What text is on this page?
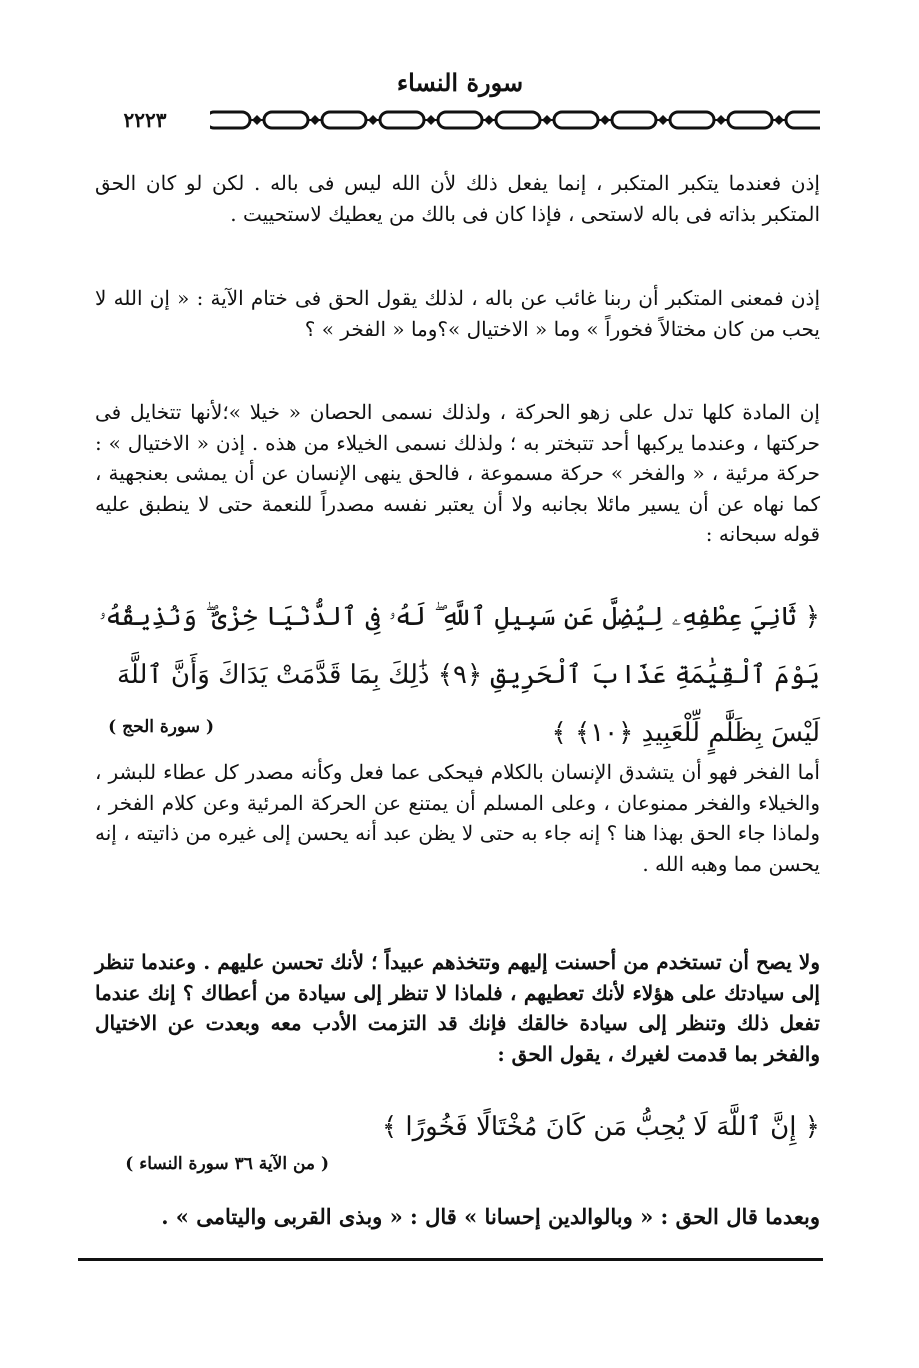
سورة النساء
٢٢٢٣
إذن فعندما يتكبر المتكبر ، إنما يفعل ذلك لأن الله ليس فى باله . لكن لو كان الحق المتكبر بذاته فى باله لاستحى ، فإذا كان فى بالك من يعطيك لاستحييت .
إذن فمعنى المتكبر أن ربنا غائب عن باله ، لذلك يقول الحق فى ختام الآية : « إن الله لا يحب من كان مختالاً فخوراً » وما « الاختيال »؟وما « الفخر » ؟
إن المادة كلها تدل على زهو الحركة ، ولذلك نسمى الحصان « خيلا »؛لأنها تتخايل فى حركتها ، وعندما يركبها أحد تتبختر به ؛ ولذلك نسمى الخيلاء من هذه . إذن « الاختيال » : حركة مرئية ، « والفخر » حركة مسموعة ، فالحق ينهى الإنسان عن أن يمشى بعنجهية ، كما نهاه عن أن يسير مائلا بجانبه ولا أن يعتبر نفسه مصدراً للنعمة حتى لا ينطبق عليه قوله سبحانه :
﴿ ثَانِيَ عِطْفِهِۦ لِيُضِلَّ عَن سَبِيلِ ٱللَّهِ ۖ لَهُۥ فِى ٱلدُّنْيَا خِزْىٌ ۖ وَنُذِيقُهُۥ يَوْمَ ٱلْقِيَٰمَةِ عَذَابَ ٱلْحَرِيقِ ﴿٩﴾ ذَٰلِكَ بِمَا قَدَّمَتْ يَدَاكَ وَأَنَّ ٱللَّهَ لَيْسَ بِظَلَّٰمٍ لِّلْعَبِيدِ ﴿١٠﴾ ﴾
( سورة الحج )
أما الفخر فهو أن يتشدق الإنسان بالكلام فيحكى عما فعل وكأنه مصدر كل عطاء للبشر ، والخيلاء والفخر ممنوعان ، وعلى المسلم أن يمتنع عن الحركة المرئية وعن كلام الفخر ، ولماذا جاء الحق بهذا هنا ؟ إنه جاء به حتى لا يظن عبد أنه يحسن إلى غيره من ذاتيته ، إنه يحسن مما وهبه الله .
ولا يصح أن تستخدم من أحسنت إليهم وتتخذهم عبيداً ؛ لأنك تحسن عليهم . وعندما تنظر إلى سيادتك على هؤلاء لأنك تعطيهم ، فلماذا لا تنظر إلى سيادة من أعطاك ؟ إنك عندما تفعل ذلك وتنظر إلى سيادة خالقك فإنك قد التزمت الأدب معه وبعدت عن الاختيال والفخر بما قدمت لغيرك ، يقول الحق :
﴿ إِنَّ ٱللَّهَ لَا يُحِبُّ مَن كَانَ مُخْتَالًا فَخُورًا ﴾
( من الآية ٣٦ سورة النساء )
وبعدما قال الحق : « وبالوالدين إحسانا » قال : « وبذى القربى واليتامى » .
